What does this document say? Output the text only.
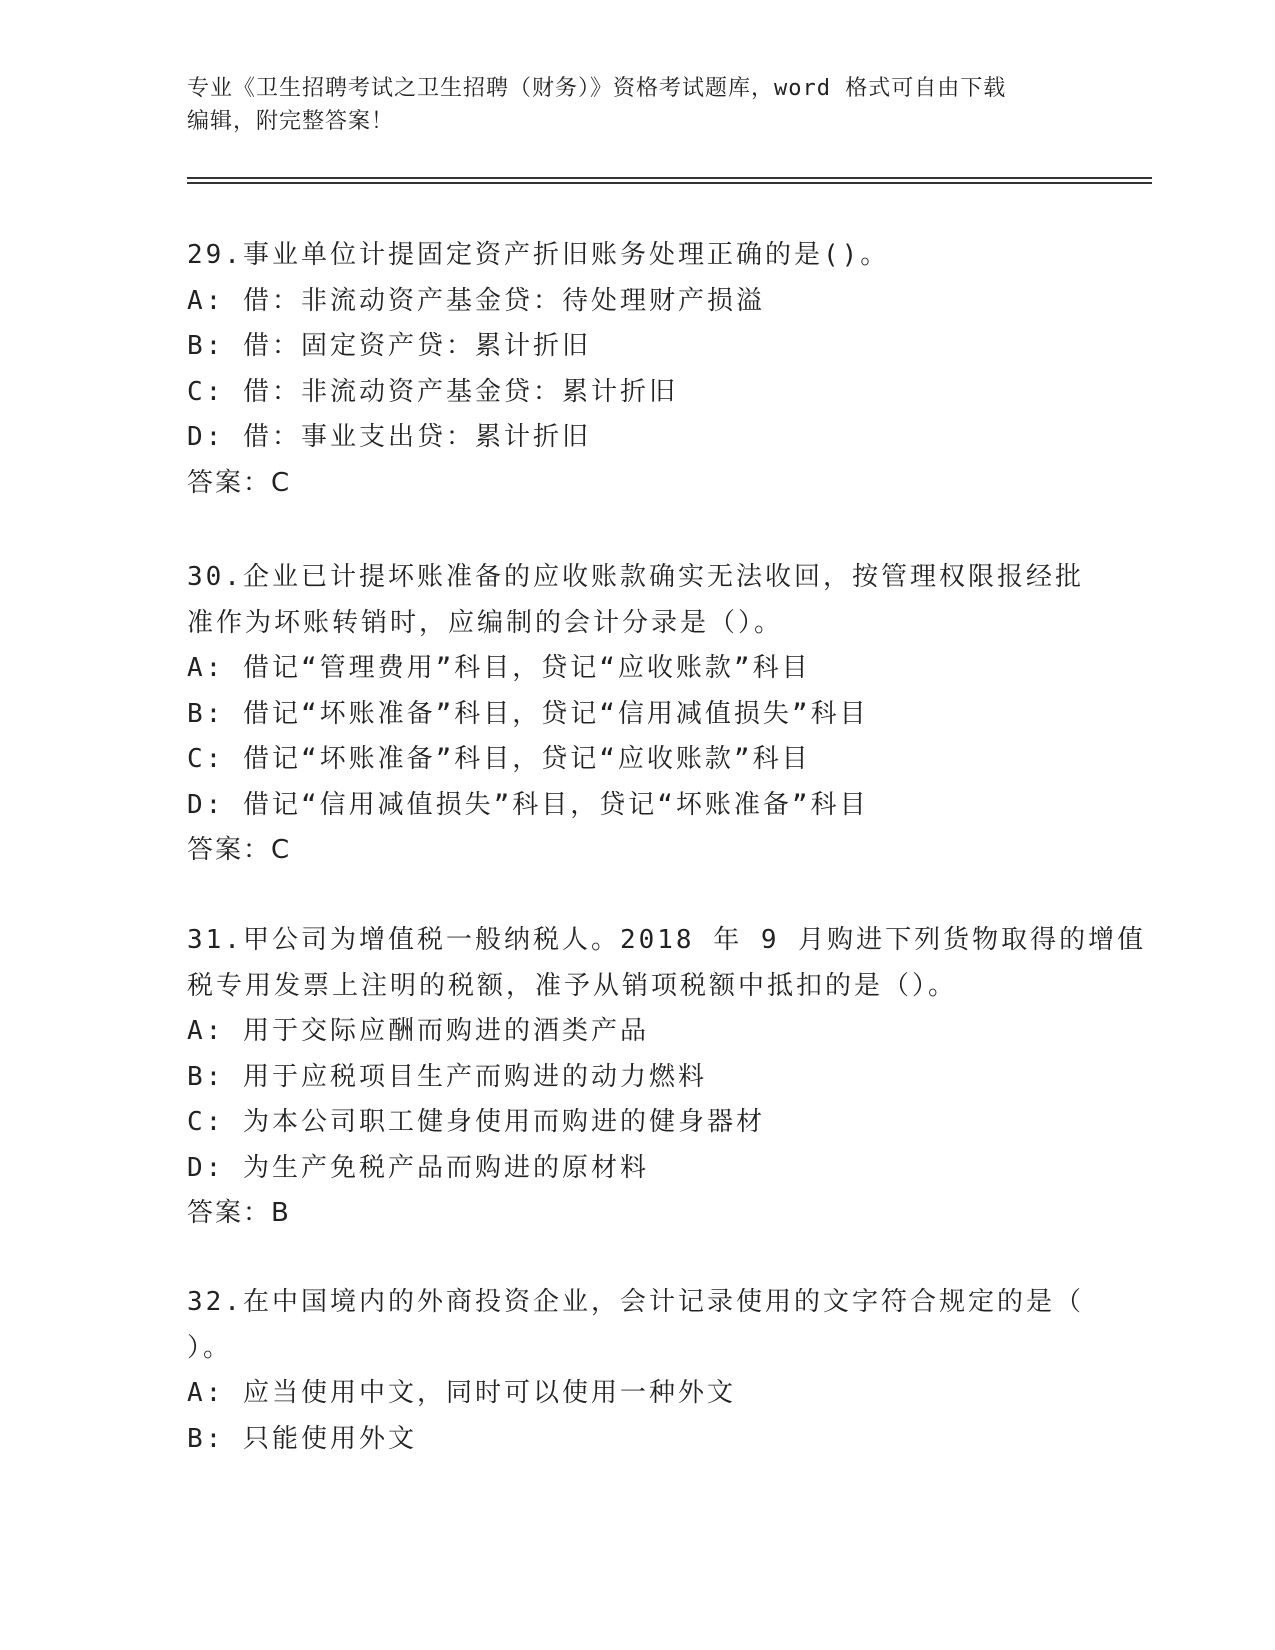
专业《卫生招聘考试之卫生招聘（财务）》资格考试题库，word 格式可自由下载
编辑，附完整答案！
29.事业单位计提固定资产折旧账务处理正确的是()。
A: 借：非流动资产基金贷：待处理财产损溢
B: 借：固定资产贷：累计折旧
C: 借：非流动资产基金贷：累计折旧
D: 借：事业支出贷：累计折旧
答案：C
30.企业已计提坏账准备的应收账款确实无法收回，按管理权限报经批
准作为坏账转销时，应编制的会计分录是（）。
A: 借记“管理费用”科目，贷记“应收账款”科目
B: 借记“坏账准备”科目，贷记“信用减值损失”科目
C: 借记“坏账准备”科目，贷记“应收账款”科目
D: 借记“信用减值损失”科目，贷记“坏账准备”科目
答案：C
31.甲公司为增值税一般纳税人。2018 年 9 月购进下列货物取得的增值
税专用发票上注明的税额，准予从销项税额中抵扣的是（）。
A: 用于交际应酬而购进的酒类产品
B: 用于应税项目生产而购进的动力燃料
C: 为本公司职工健身使用而购进的健身器材
D: 为生产免税产品而购进的原材料
答案：B
32.在中国境内的外商投资企业，会计记录使用的文字符合规定的是（
）。
A: 应当使用中文，同时可以使用一种外文
B: 只能使用外文
